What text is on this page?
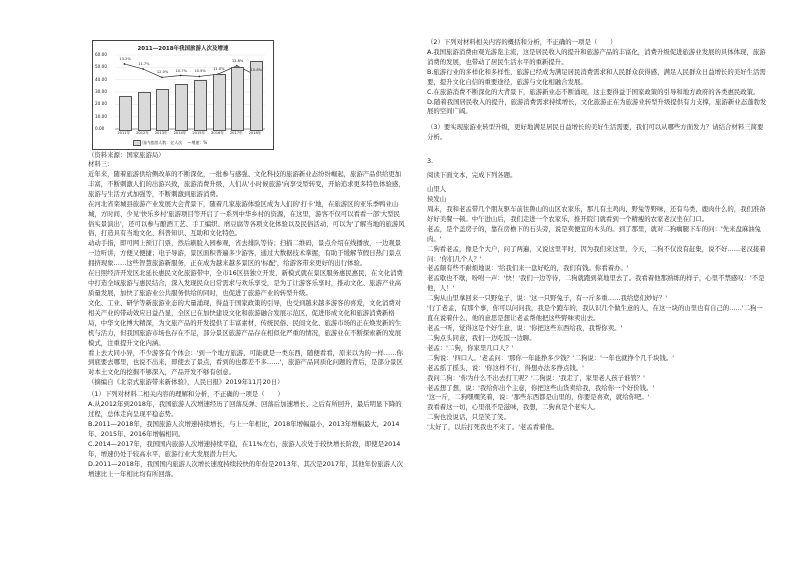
2011—2018年我国旅游人次及增速
国内旅游人数：亿人次 —增速：%
60.00
50.00
40.00
30.00
20.00
10.00
0.00
2011年
13.2%
2012年
11.7%
2013年
12.0%
2014年
10.7%
2015年
10.5%
2016年
11.0%
2017年
12.8%
2018年
10.8%
（资料来源：国家旅游局）

材料三：

近年来，随着旅游供给侧改革的不断深化，一批参与感强、文化科技的旅游新业态纷纷崛起，旅游产品供给更加丰富，不断刺激人们的出游兴致，旅游消费升级，人们从'小时候旅游'向享受型转变，开始追求更多特色体验感，旅游与生活方式加强等，不断刺激到旅游消费。

在河北省栾城县旅游产业发展大会背景下，随着几家旅游体验区成为人们的'打卡'地，在旅游区的亚乐季鸭业山城，方时间、少见'快乐乡村'旅游项目等开启了一系列中华乡村的资源，在这里，游客不仅可以看看一部'大型民俗实景演出'，还可以参与酿酒工艺、手工编织、磨豆腐等各项文化体验以及民俗活动，可以为'了解当地的旅游风俗，打造具有当地文化、科普知识、互助和文化特色。

动动手指，即可网上预订门票，然后刷脸入园参观，省去排队等待；扫描二维码，景点介绍在线播放，一边观景一边听讲，方便又便捷；电子导游，景区面积普遍多少游客，通过大数据技术掌握，有助于缓解节假日热门景点拥挤现象……这些智慧旅游新服务，正在成为越来越多景区的'标配'，给游客带来更好的出行体验。

在日照经济开发区北延长惠民文化旅游带中，全市16区县独立开发，新模式就在景区服务惠民惠民，在文化消费中打造全域旅游与惠民结合，深入发现民众日常需求与欢乐享受，是为了让游客乐享时，推动文化、旅游产业高质量发展，加快了旅游业公共服务供给的同时，也促进了旅游产业的转型升级。

文化、工业、研学等新旅游业态的大量涌现，得益于国家政策的引导，也受到越来越多游客的喜爱，文化消费对相关产业的带动效应日益凸显，全区已在加快建设文化和旅游融合发展示范区，促进形成文化和旅游消费新格局，中华文化博大精深，为文旅产品的开发提供了丰富素材，传统民俗、民间文化、旅游市场的正在焕发新的生机与活力，但我国旅游市场也存在不足，部分景区旅游产品存在相似化严重的情况，旅游业在不断探索新的发展模式，注重提升文化内涵。

看上去大同小异，不少游客有个体会：'到一个地方旅游，可能就是一类东西，随便看看，原来以为的一样……你到底要去哪里，也说不出来，即使去了景点，看到的也都差不多……'，旅游产品同质化问题的背后，是部分景区对本土文化的挖掘不够深入，产品开发不够有创意。

（摘编自《北京式旅游带来新体验》，人民日报》2019年11月20日）

（1）下列对材料二相关内容的理解和分析，不正确的一项是（　　）

A.从2012年到2018年，我国旅游人次增速经历了回落反弹、回落后加速增长、之后有所回升，最后明显下降的过程，总体走向呈现平稳态势。

B.2011—2018年，我国旅游人次增速持续增长，与上一年相比，2018年增幅最小，2013年增幅最大，2014年、2015年、2016年增幅相同。

C.2014—2017年，我国国内旅游人次增速持续平稳，在11%左右，旅游人次处于较快增长阶段，即使是2014年，增速仍处于较高水平，旅游行业大发展潜力巨大。

D.2011—2018年，我国国内旅游人次增长速度持续较快的年份是2013年，其次是2017年，其他年份旅游人次增速比上一年相比均有所回落。

（2）下列对材料相关内容的概括和分析，不正确的一项是（　　）

A.我国旅游消费由观光游览主流，这是居民收入的提升和旅游产品的丰富化，消费升级促进旅游业发展的具体体现，旅游消费的发展，也带动了居民生活水平的重新提升。

B.旅游行业的多样化和多样性，旅游已经成为满足居民消费需求和人民群众获得感，满足人民群众日益增长的美好生活需要，提升文化自信的重要途径，旅游与文化相融合发展。

C.在旅游消费不断深化的大背景下，旅游新业态不断涌现，这主要得益于国家政策的引导和地方政府的各类惠民政策。

D.随着我国居民收入的提升，旅游消费需求持续增长，文化旅游正在为旅游业转型升级提供有力支撑，旅游新业态蓬勃发展的空间广阔。

（3）要实现旅游业转型升级，更好地满足居民日益增长的美好生活需要，我们可以从哪些方面发力？请结合材料三简要分析。

3.

阅读下面文本，完成下列各题。

山里人

侯发山

周末，我和老孟带几个朋友驱车前往鲁山的山区农家乐，那儿有土鸡肉、野兔等野味，还有鸟类、鹿肉什么的，我们准备好好美餐一顿。中午进山后，我们走进一个农家乐，推开院门就看到一个精瘦的农家老汉坐在门口。

老孟，是个盖房子的，靠在房檐下的石头旁，说是卖便宜的木头的。到了那里，就对二狗瘸腿下车的问：'先来盘麻油兔肉。'

二狗看老孟，像是个大户，问了两遍，又说这里平时，因为我们来这里，今天，二狗不仅没有赶集，说不好……老汉接着问：'你们几个人？'

老孟颇有些不耐烦地说：'给我们来一盘好吃的，我们有钱。你看着办。'

老孟歇也不歇，吩咐一声：'快！'我们一边等待，二狗就跑到菜地里去了。我看着他那熟练的样子，心里不禁感叹：'不是他，人！'

二狗从山里拿回来一只野兔子，说：'这一只野兔子，有一斤多重……我给您们炒好？'

'行了老孟，有那个事，你可以问问我，我是个跑车的，我认识几个做生意的人，在这一块的山里也有自己的……'二狗一直在说着什么，他的意思是想让老孟帮他把这些野味卖出去。

老孟一听，觉得这是个好生意，说：'你把这些东西给我，我帮你卖。'

二狗点头同意，我们一边吃饭一边聊。

老孟：'二狗，你家里几口人？'

二狗说：'四口人。'老孟问：'那你一年能挣多少钱？'二狗说：'一年也就挣个几千块钱。'

老孟摇了摇头，说：'你这样不行，得想办法多挣点钱。'

我问二狗：'你为什么不出去打工呢？'二狗说：'我走了，家里老人孩子谁管？'

老孟想了想，说：'我给你出个主意，你把这些山货卖给我，我给你一个好价钱。'

'这一斤，二狗嘿嘿笑着，说：'那些东西都是山里的，你要是喜欢，就给你吧。'

我看着这一切，心里很不是滋味，我想，二狗真是个老实人。

二狗也没说话，只是笑了笑。

'太好了，以后打死我也不来了。'老孟看着他。
